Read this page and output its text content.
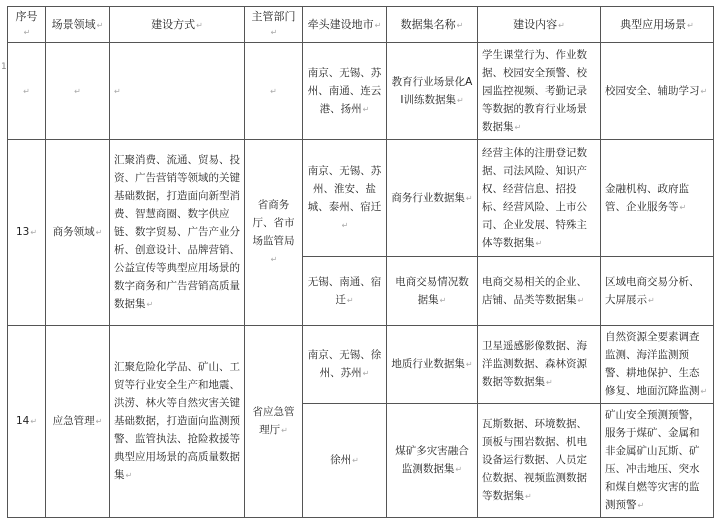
1
序号 ↵	场景领域 ↵	建设方式 ↵	主管部门 ↵	牵头建设地市 ↵	数据集名称 ↵	建设内容 ↵	典型应用场景 ↵
↵	↵	↵	↵	南京、无锡、苏州、南通、连云港、扬州 ↵	教育行业场景化AI训练数据集 ↵	学生课堂行为、作业数据、校园安全预警、校园监控视频、考勤记录等数据的教育行业场景数据集 ↵	校园安全、辅助学习 ↵
13 ↵	商务领域 ↵	汇聚消费、流通、贸易、投资、广告营销等领域的关键基础数据，打造面向新型消费、智慧商圈、数字供应链、数字贸易、广告产业分析、创意设计、品牌营销、公益宣传等典型应用场景的数字商务和广告营销高质量数据集 ↵	省商务厅、省市场监管局 ↵	南京、无锡、苏州、淮安、盐城、泰州、宿迁 ↵	商务行业数据集 ↵	经营主体的注册登记数据、司法风险、知识产权、经营信息、招投标、经营风险、上市公司、企业发展、特殊主体等数据集 ↵	金融机构、政府监管、企业服务等 ↵
				无锡、南通、宿迁 ↵	电商交易情况数据集 ↵	电商交易相关的企业、店铺、品类等数据集 ↵	区域电商交易分析、大屏展示 ↵
14 ↵	应急管理 ↵	汇聚危险化学品、矿山、工贸等行业安全生产和地震、洪涝、林火等自然灾害关键基础数据，打造面向监测预警、监管执法、抢险救援等典型应用场景的高质量数据集 ↵	省应急管理厅 ↵	南京、无锡、徐州、苏州 ↵	地质行业数据集 ↵	卫星遥感影像数据、海洋监测数据、森林资源数据等数据集 ↵	自然资源全要素调查监测、海洋监测预警、耕地保护、生态修复、地面沉降监测 ↵
				徐州 ↵	煤矿多灾害融合监测数据集 ↵	瓦斯数据、环境数据、顶板与围岩数据、机电设备运行数据、人员定位数据、视频监测数据等数据集 ↵	矿山安全预测预警，服务于煤矿、金属和非金属矿山瓦斯、矿压、冲击地压、突水和煤自燃等灾害的监测预警 ↵
